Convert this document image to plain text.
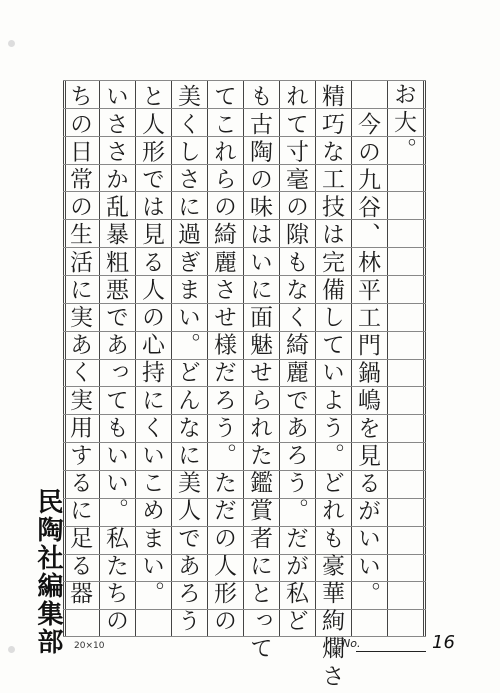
お大。
今の九谷、林平工門鍋嶋を見るがいい。
精巧な工技は完備していよう。どれも豪華絢爛さ
れて寸毫の隙もなく綺麗であろう。だが私ど
も古陶の味はいに面魅せられた鑑賞者にとって
てこれらの綺麗させ様だろう。ただの人形の
美くしさに過ぎまい。どんなに美人であろう
と人形では見る人の心持にくいこめまい。
いささか乱暴粗悪であってもいい。私たちの
ちの日常の生活に実あく実用するに足る器
民陶社編集部	20×10	No.	16
